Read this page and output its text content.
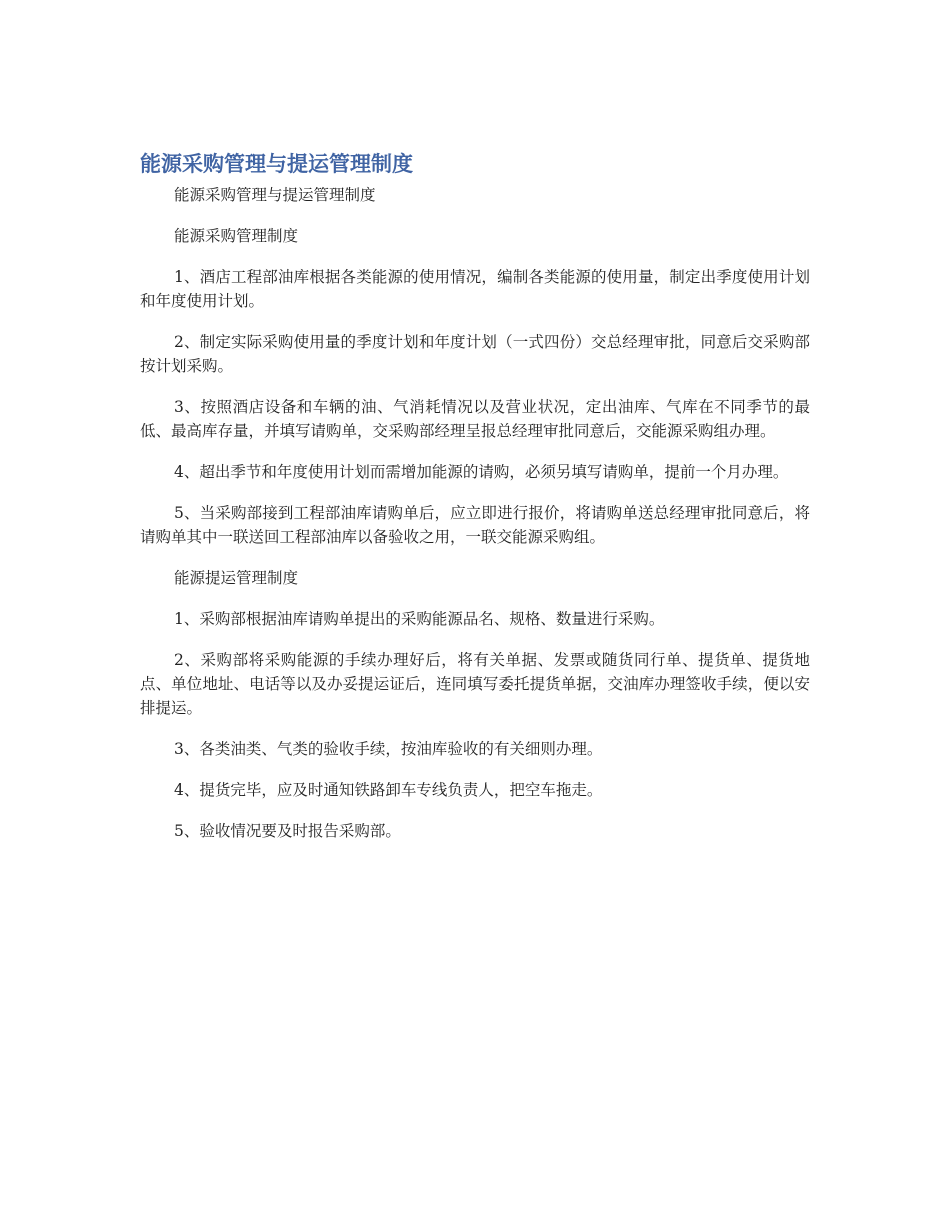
能源采购管理与提运管理制度

能源采购管理与提运管理制度

能源采购管理制度

1、酒店工程部油库根据各类能源的使用情况，编制各类能源的使用量，制定出季度使用计划和年度使用计划。

2、制定实际采购使用量的季度计划和年度计划（一式四份）交总经理审批，同意后交采购部按计划采购。

3、按照酒店设备和车辆的油、气消耗情况以及营业状况，定出油库、气库在不同季节的最低、最高库存量，并填写请购单，交采购部经理呈报总经理审批同意后，交能源采购组办理。

4、超出季节和年度使用计划而需增加能源的请购，必须另填写请购单，提前一个月办理。

5、当采购部接到工程部油库请购单后，应立即进行报价，将请购单送总经理审批同意后，将请购单其中一联送回工程部油库以备验收之用，一联交能源采购组。

能源提运管理制度

1、采购部根据油库请购单提出的采购能源品名、规格、数量进行采购。

2、采购部将采购能源的手续办理好后，将有关单据、发票或随货同行单、提货单、提货地点、单位地址、电话等以及办妥提运证后，连同填写委托提货单据，交油库办理签收手续，便以安排提运。

3、各类油类、气类的验收手续，按油库验收的有关细则办理。

4、提货完毕，应及时通知铁路卸车专线负责人，把空车拖走。

5、验收情况要及时报告采购部。
